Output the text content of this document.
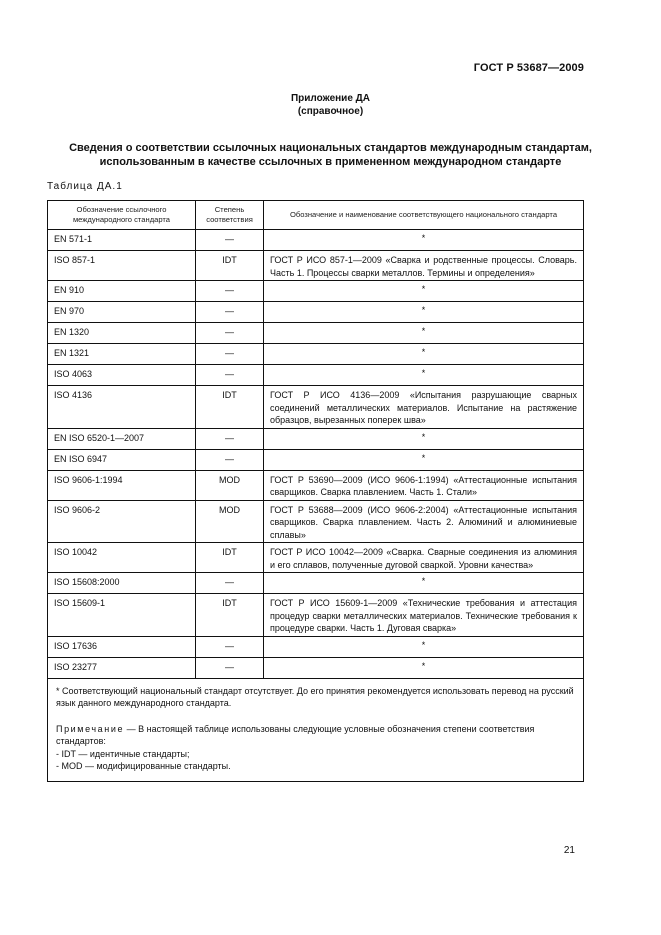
ГОСТ Р 53687—2009
Приложение ДА
(справочное)
Сведения о соответствии ссылочных национальных стандартов международным стандартам,
использованным в качестве ссылочных в примененном международном стандарте
Таблица ДА.1
Обозначение ссылочного международного стандарта	Степень соответствия	Обозначение и наименование соответствующего национального стандарта
EN 571-1	—	*
ISO 857-1	IDT	ГОСТ Р ИСО 857-1—2009 «Сварка и родственные процессы. Словарь. Часть 1. Процессы сварки металлов. Термины и определения»
EN 910	—	*
EN 970	—	*
EN 1320	—	*
EN 1321	—	*
ISO 4063	—	*
ISO 4136	IDT	ГОСТ Р ИСО 4136—2009 «Испытания разрушающие сварных соединений металлических материалов. Испытание на растяжение образцов, вырезанных поперек шва»
EN ISO 6520-1—2007	—	*
EN ISO 6947	—	*
ISO 9606-1:1994	MOD	ГОСТ Р 53690—2009 (ИСО 9606-1:1994) «Аттестационные испытания сварщиков. Сварка плавлением. Часть 1. Стали»
ISO 9606-2	MOD	ГОСТ Р 53688—2009 (ИСО 9606-2:2004) «Аттестационные испытания сварщиков. Сварка плавлением. Часть 2. Алюминий и алюминиевые сплавы»
ISO 10042	IDT	ГОСТ Р ИСО 10042—2009 «Сварка. Сварные соединения из алюминия и его сплавов, полученные дуговой сваркой. Уровни качества»
ISO 15608:2000	—	*
ISO 15609-1	IDT	ГОСТ Р ИСО 15609-1—2009 «Технические требования и аттестация процедур сварки металлических материалов. Технические требования к процедуре сварки. Часть 1. Дуговая сварка»
ISO 17636	—	*
ISO 23277	—	*

* Соответствующий национальный стандарт отсутствует. До его принятия рекомендуется использовать перевод на русский язык данного международного стандарта.

Примечание — В настоящей таблице использованы следующие условные обозначения степени соответствия стандартов:

- IDT — идентичные стандарты;

- MOD — модифицированные стандарты.		

21
